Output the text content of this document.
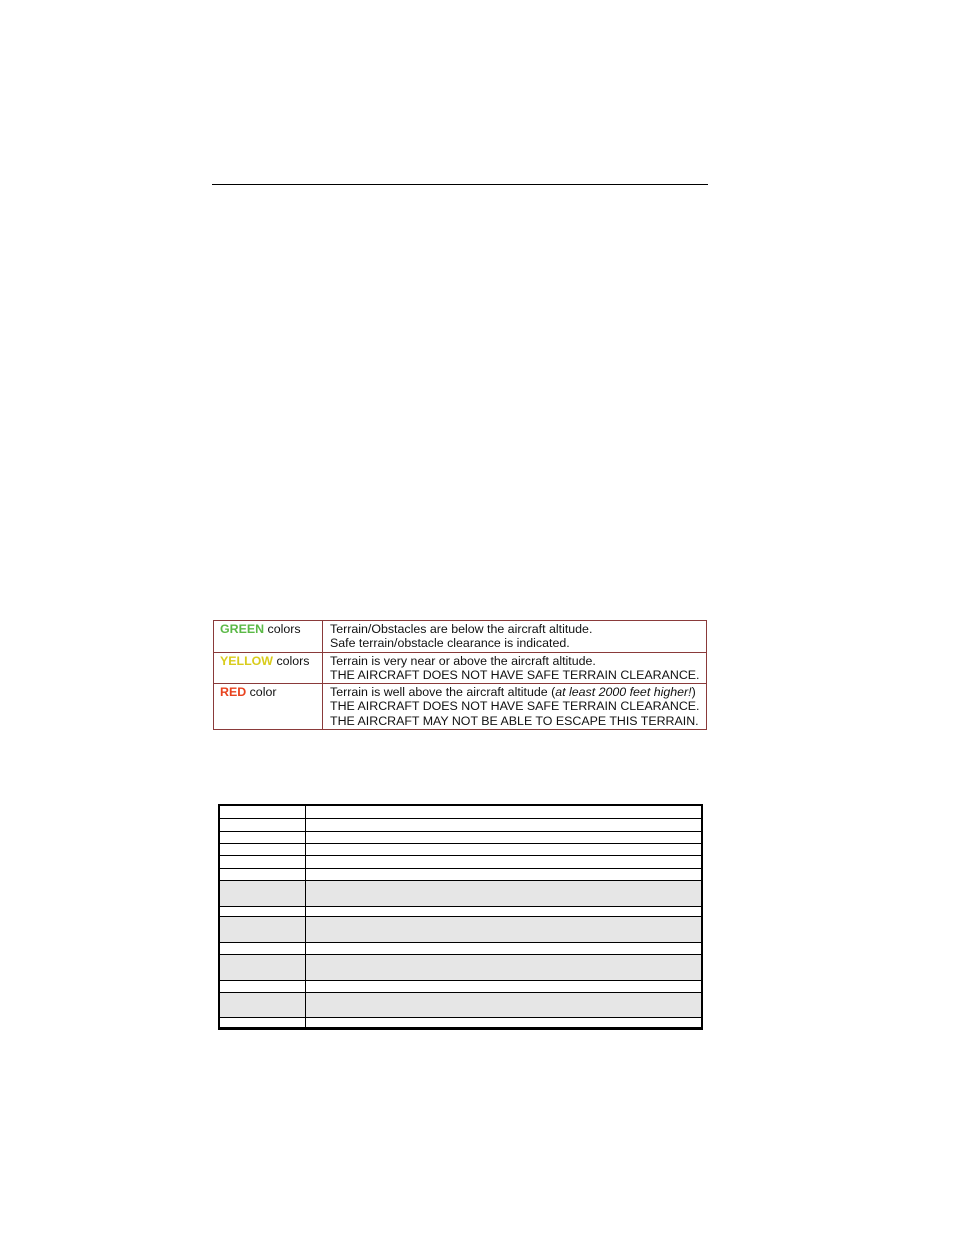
GREEN colors	Terrain/Obstacles are below the aircraft altitude.
Safe terrain/obstacle clearance is indicated.

YELLOW colors	Terrain is very near or above the aircraft altitude.
THE AIRCRAFT DOES NOT HAVE SAFE TERRAIN CLEARANCE.

RED color	Terrain is well above the aircraft altitude (at least 2000 feet higher!)
THE AIRCRAFT DOES NOT HAVE SAFE TERRAIN CLEARANCE.
THE AIRCRAFT MAY NOT BE ABLE TO ESCAPE THIS TERRAIN.
